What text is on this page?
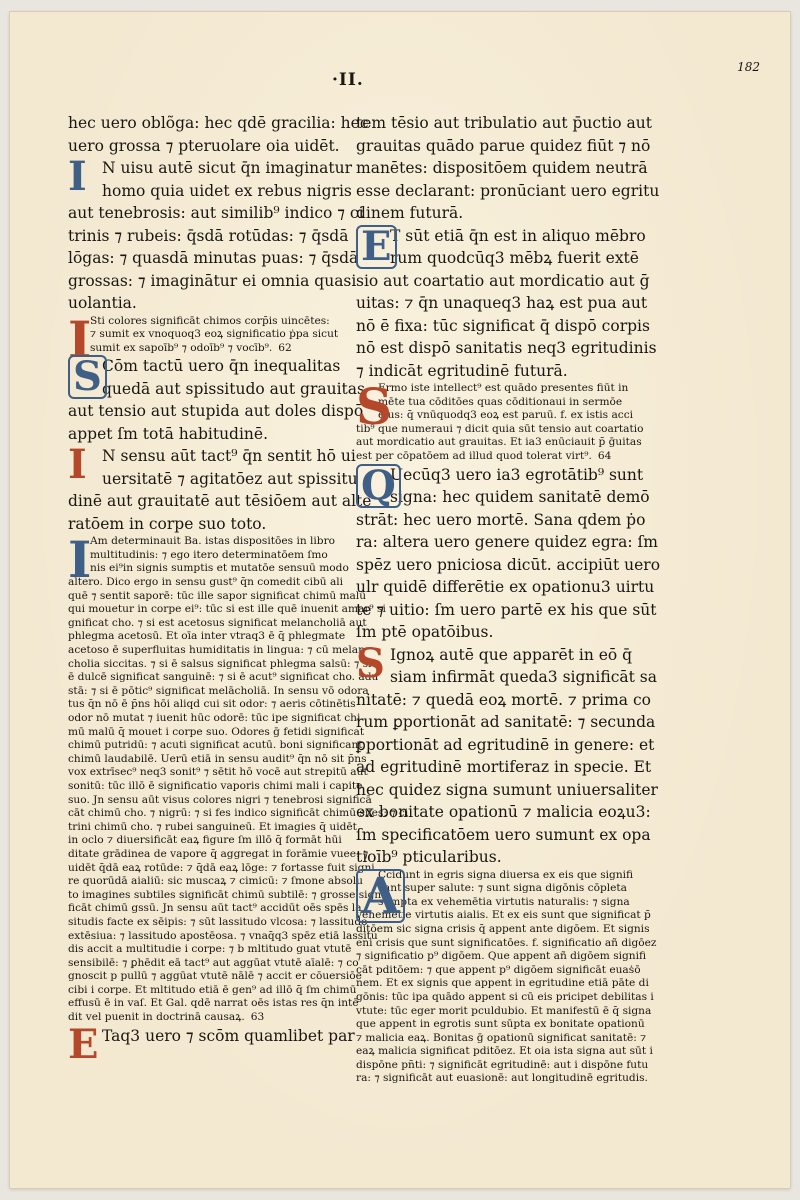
·II.
182
hec uero oblõga: hec qdē gracilia: hec
uero grossa ⁊ pteruolare oia uidēt.
I N uisu autē sicut q̄n imaginatur
homo quia uidet ex rebus nigris
aut tenebrosis: aut similib⁹ indico ⁊ ci
trinis ⁊ rubeis: q̄sdā rotūdas: ⁊ q̄sdā
lōgas: ⁊ quasdā minutas puas: ⁊ q̄sdā
grossas: ⁊ imaginātur ei omnia quasi
uolantia.
I
Sti colores significāt chimos corp̄is uincētes:
⁊ sumit ex vnoquoq3 eoꝝ significatio ṗpa sicut
sumit ex sapoīb⁹ ⁊ odoīb⁹ ⁊ vocīb⁹. 62
S Cōm tactū uero q̄n inequalitas
quedā aut spissitudo aut grauitas
aut tensio aut stupida aut doles dispō
appet ſm totā habitudinē.
I N sensu aūt tact⁹ q̄n sentit hō ui
uersitatē ⁊ agitatōez aut spissitu
dinē aut grauitatē aut tēsiōem aut alte
ratōem in corpe suo toto.
I
Am determinauit Ba. istas dispositōes in libro
multitudinis: ⁊ ego itero determinatōem ſmo
nis ei⁹in signis sumptis et mutatōe sensuū modo
altero. Dico ergo in sensu gust⁹ q̄n comedit cibū ali
quē ⁊ sentit saporē: tūc ille sapor significat chimū malū
qui mouetur in corpe ei⁹: tūc si est ille quē inuenit amar⁹ si
gnificat cho. ⁊ si est acetosus significat melancholiā aut
phlegma acetosū. Et oīa inter vtraq3 ē q̄ phlegmate
acetoso ē superfluitas humiditatis in lingua: ⁊ cū melan
cholia siccitas. ⁊ si ē salsus significat phlegma salsū: ⁊ si
ē dulcē significat sanguinē: ⁊ si ē acut⁹ significat cho. adu
stā: ⁊ si ē pōtic⁹ significat melācholiā. In sensu vō odora
tus q̄n nō ē p̄ns hōi aliqd cui sit odor: ⁊ aeris cōtinētis
odor nō mutat ⁊ iuenit hūc odorē: tūc ipe significat chi
mū malū q̄ mouet i corpe suo. Odores ḡ fetidi significat
chimū putridū: ⁊ acuti significat acutū. boni significant
chimū laudabilē. Uerū etiā in sensu audit⁹ q̄n nō sit p̄ns
vox extrīsec⁹ neq3 sonit⁹ ⁊ sētit hō vocē aut strepitū aut
sonitū: tūc illō ē significatio vaporis chimi mali i capite
suo. Jn sensu aūt visus colores nigri ⁊ tenebrosi significā
cāt chimū cho. ⁊ nigrū: ⁊ si fes indico significāt chimū siles: ⁊ ci
trini chimū cho. ⁊ rubei sanguineū. Et imagies q̄ uidēt
in oclo ⁊ diuersificāt eaꝝ figure ſm illō q̄ formāt hūi
ditate grādinea de vapore q̄ aggregat in forāmie vuee: ⁊
uidēt q̄dā eaꝝ rotūde: ⁊ q̄dā eaꝝ lōge: ⁊ fortasse fuit signi
re quorūdā aialiū: sic muscaꝝ ⁊ cimicū: ⁊ ſmone absolu
to imagines subtiles significāt chimū subtilē: ⁊ grosse sign
ficāt chimū gssū. Jn sensu aūt tact⁹ accidūt oēs spēs la
situdis facte ex sēipis: ⁊ sūt lassitudo vlcosa: ⁊ lassitudo
extēsiua: ⁊ lassitudo apostēosa. ⁊ vnaq̄q3 spēz etiā lassitu
dis accit a multitudie i corpe: ⁊ b mltitudo guat vtutē
sensibilē: ⁊ ꝑhēdit eā tact⁹ aut aggūat vtutē aīalē: ⁊ co
gnoscit p pullū ⁊ aggūat vtutē nālē ⁊ accit er cōuersiōe
cibi i corpe. Et mltitudo etiā ē gen⁹ ad illō q̄ ſm chimū
effusū ē in vaſ. Et Gal. qdē narrat oēs istas res q̄n intē
dit vel puenit in doctrinā causaꝝ. 63
E Taq3 uero ⁊ scōm quamlibet par
tem tēsio aut tribulatio aut p̄uctio aut
grauitas quādo parue quidez fiūt ⁊ nō
manētes: dispositōem quidem neutrā
esse declarant: pronūciant uero egritu
dinem futurā.
E
T sūt etiā q̄n est in aliquo mēbro
rum quodcūq3 mēbꝝ fuerit extē
sio aut coartatio aut mordicatio aut ḡ
uitas: ⁊ q̄n unaqueq3 haꝝ est pua aut
nō ē fixa: tūc significat q̄ dispō corpis
nō est dispō sanitatis neq3 egritudinis
⁊ indicāt egritudinē futurā.
S
Ermo iste intellect⁹ est quādo presentes fiūt in
mēte tua cōditōes quas cōditionaui in sermōe
eius: q̄ vnūquodq3 eoꝝ est paruū. f. ex istis acci
tib⁹ que numeraui ⁊ dicit quia sūt tensio aut coartatio
aut mordicatio aut grauitas. Et ia3 enūciauit p̄ ḡuitas
est per cōpatōem ad illud quod tolerat virt⁹. 64
Q
Uecūq3 uero ia3 egrotātib⁹ sunt
signa: hec quidem sanitatē demō
strāt: hec uero mortē. Sana qdem ṗo
ra: altera uero genere quidez egra: ſm
spēz uero pniciosa dicūt. accipiūt uero
ulr quidē differētie ex opationu3 uirtu
te ⁊ uitio: ſm uero partē ex his que sūt
ſm ptē opatōibus.
S Ignoꝝ autē que apparēt in eō q̄
siam infirmāt queda3 significāt sa
nitatē: ⁊ quedā eoꝝ mortē. ⁊ prima co
rum ꝑportionāt ad sanitatē: ⁊ secunda
ꝑportionāt ad egritudinē in genere: et
ad egritudinē mortiferaz in specie. Et
hec quidez signa sumunt uniuersaliter
ex bonitate opationū ⁊ malicia eoꝝu3:
ſm specificatōem uero sumunt ex opa
tioīb⁹ pticularibus.
A
Ccidunt in egris signa diuersa ex eis que signifi
cant super salute: ⁊ sunt signa digōnis cōpleta
sumpta ex vehemētia virtutis naturalis: ⁊ signa
vehemētie virtutis aialis. Et ex eis sunt que significat p̄
ditōem sic signa crisis q̄ appent ante digōem. Et signis
eni crisis que sunt significatōes. f. significatio añ digōez
⁊ significatio p⁹ digōem. Que appent añ digōem signifi
cāt pditōem: ⁊ que appent p⁹ digōem significāt euaṡō
nem. Et ex signis que appent in egritudine etiā pāte di
gōnis: tūc ipa quādo appent si cū eis pricipet debilitas i
vtute: tūc eger morit pculdubio. Et manifestū ē q̄ signa
que appent in egrotis sunt sūpta ex bonitate opationū
⁊ malicia eaꝝ. Bonitas ḡ opationū significat sanitatē: ⁊
eaꝝ malicia significat pditōez. Et oia ista signa aut sūt i
dispōne pn̄ti: ⁊ significāt egritudinē: aut i dispōne futu
ra: ⁊ significāt aut euasionē: aut longitudinē egritudis.
